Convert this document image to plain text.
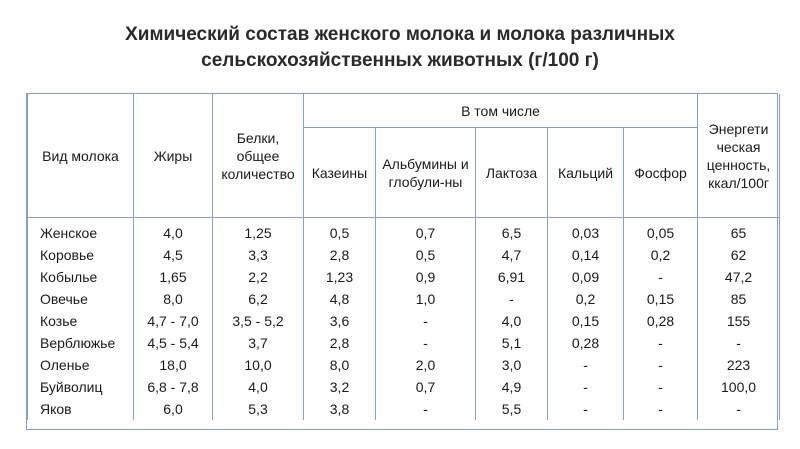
Химический состав женского молока и молока различных
сельскохозяйственных животных (г/100 г)
Вид молока	Жиры	Белки, общее количество	В том числе					Энергети ческая ценность, ккал/100г
			Казеины	Альбумины и глобули-ны	Лактоза	Кальций	Фосфор	
Женское	4,0	1,25	0,5	0,7	6,5	0,03	0,05	65
Коровье	4,5	3,3	2,8	0,5	4,7	0,14	0,2	62
Кобылье	1,65	2,2	1,23	0,9	6,91	0,09	-	47,2
Овечье	8,0	6,2	4,8	1,0	-	0,2	0,15	85
Козье	4,7 - 7,0	3,5 - 5,2	3,6	-	4,0	0,15	0,28	155
Верблюжье	4,5 - 5,4	3,7	2,8	-	5,1	0,28	-	-
Оленье	18,0	10,0	8,0	2,0	3,0	-	-	223
Буйволиц	6,8 - 7,8	4,0	3,2	0,7	4,9	-	-	100,0
Яков	6,0	5,3	3,8	-	5,5	-	-	-
